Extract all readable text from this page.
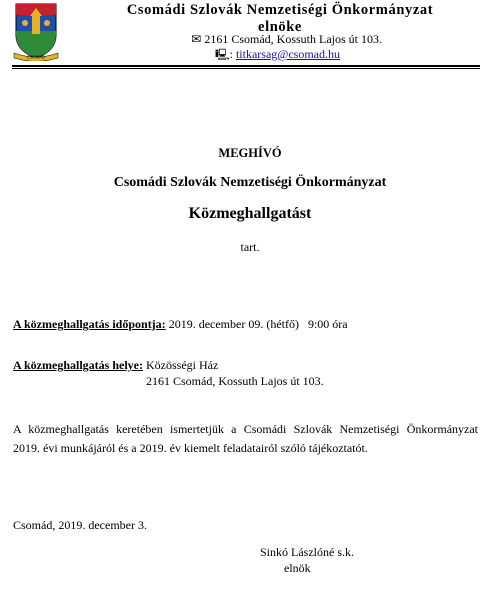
CSOMÁD
Csomádi Szlovák Nemzetiségi Önkormányzat
elnöke
✉ 2161 Csomád, Kossuth Lajos út 103.
🖳: titkarsag@csomad.hu
MEGHÍVÓ
Csomádi Szlovák Nemzetiségi Önkormányzat
Közmeghallgatást
tart.
A közmeghallgatás időpontja: 2019. december 09. (hétfő)   9:00 óra
A közmeghallgatás helye: Közösségi Ház
2161 Csomád, Kossuth Lajos út 103.
A közmeghallgatás keretében ismertetjük a Csomádi Szlovák Nemzetiségi Önkormányzat
2019. évi munkájáról és a 2019. év kiemelt feladatairól szóló tájékoztatót.
Csomád, 2019. december 3.
Sinkó Lászlóné s.k.
elnök
